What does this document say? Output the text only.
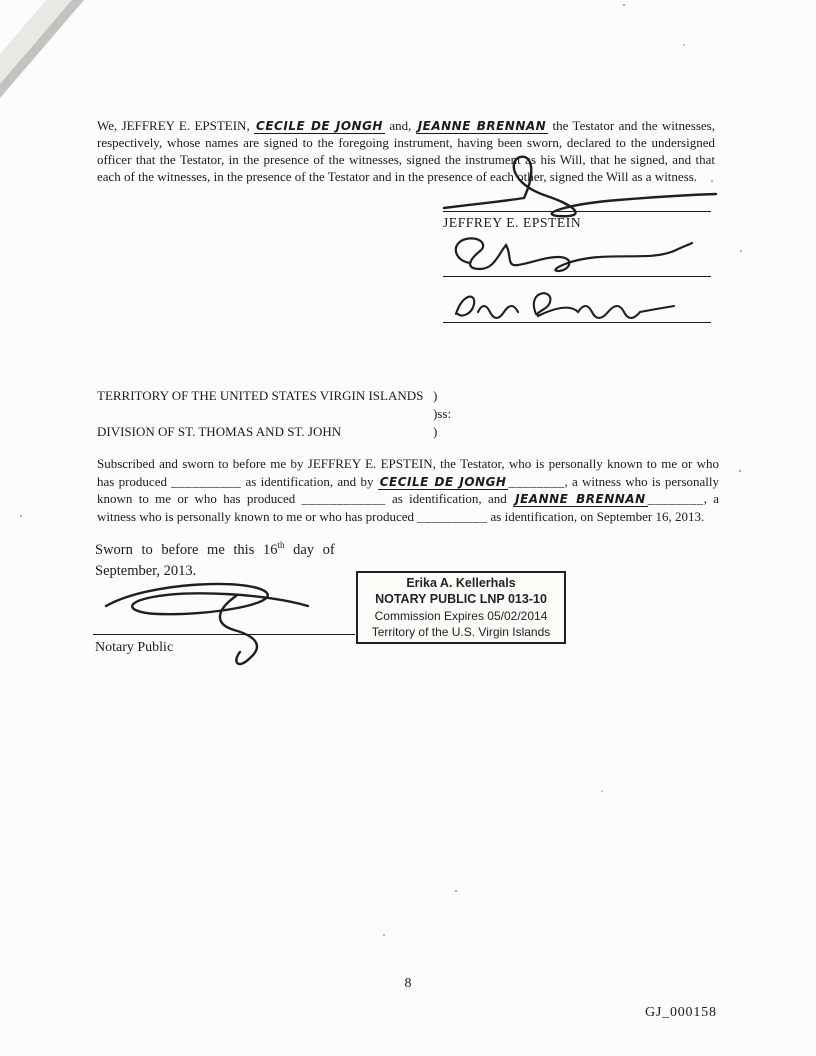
We, JEFFREY E. EPSTEIN, CECILE DE JONGH and, JEANNE BRENNAN the Testator and the witnesses, respectively, whose names are signed to the foregoing instrument, having been sworn, declared to the undersigned officer that the Testator, in the presence of the witnesses, signed the instrument as his Will, that he signed, and that each of the witnesses, in the presence of the Testator and in the presence of each other, signed the Will as a witness.

JEFFREY E. EPSTEIN
TERRITORY OF THE UNITED STATES VIRGIN ISLANDS )
)ss:
DIVISION OF ST. THOMAS AND ST. JOHN	)

Subscribed and sworn to before me by JEFFREY E. EPSTEIN, the Testator, who is personally known to me or who has produced __________ as identification, and by CECILE DE JONGH ________, a witness who is personally known to me or who has produced ____________ as identification, and JEANNE BRENNAN ________, a witness who is personally known to me or who has produced __________ as identification, on September 16, 2013.

Sworn to before me this 16th day of
September, 2013.
Notary Public
Erika A. Kellerhals
NOTARY PUBLIC LNP 013-10
Commission Expires 05/02/2014
Territory of the U.S. Virgin Islands
8
GJ_000158
